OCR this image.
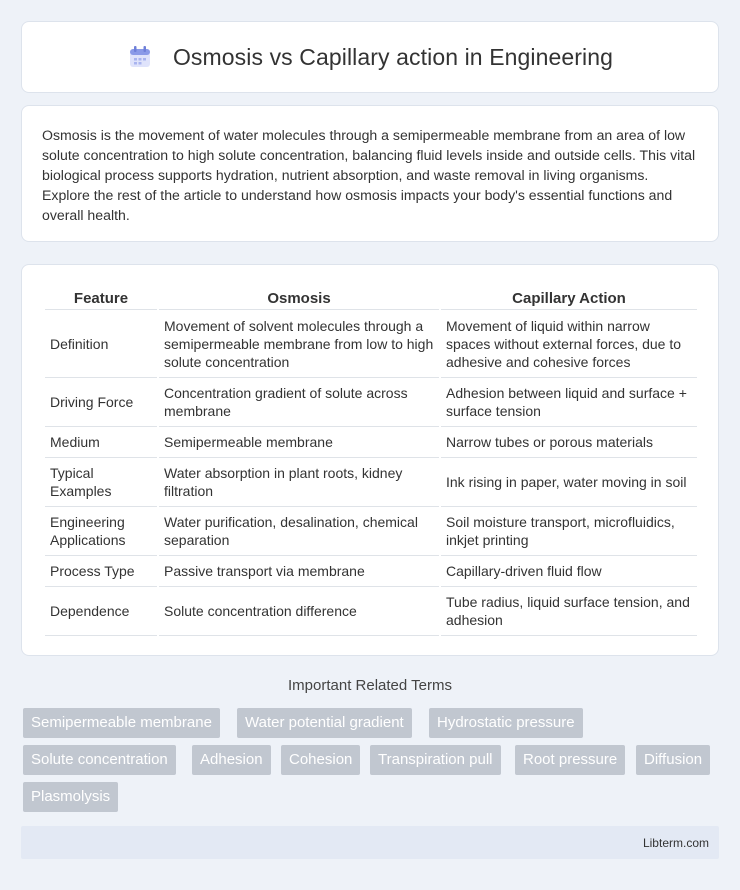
Osmosis vs Capillary action in Engineering

Osmosis is the movement of water molecules through a semipermeable membrane from an area of low solute concentration to high solute concentration, balancing fluid levels inside and outside cells. This vital biological process supports hydration, nutrient absorption, and waste removal in living organisms. Explore the rest of the article to understand how osmosis impacts your body's essential functions and overall health.

Feature	Osmosis	Capillary Action
Definition	Movement of solvent molecules through a semipermeable membrane from low to high solute concentration	Movement of liquid within narrow spaces without external forces, due to adhesive and cohesive forces
Driving Force	Concentration gradient of solute across membrane	Adhesion between liquid and surface + surface tension
Medium	Semipermeable membrane	Narrow tubes or porous materials
Typical Examples	Water absorption in plant roots, kidney filtration	Ink rising in paper, water moving in soil
Engineering Applications	Water purification, desalination, chemical separation	Soil moisture transport, microfluidics, inkjet printing
Process Type	Passive transport via membrane	Capillary-driven fluid flow
Dependence	Solute concentration difference	Tube radius, liquid surface tension, and adhesion
Important Related Terms
Semipermeable membrane	Water potential gradient	Hydrostatic pressure
Solute concentration	Adhesion	Cohesion	Transpiration pull	Root pressure	Diffusion
Plasmolysis
Libterm.com
